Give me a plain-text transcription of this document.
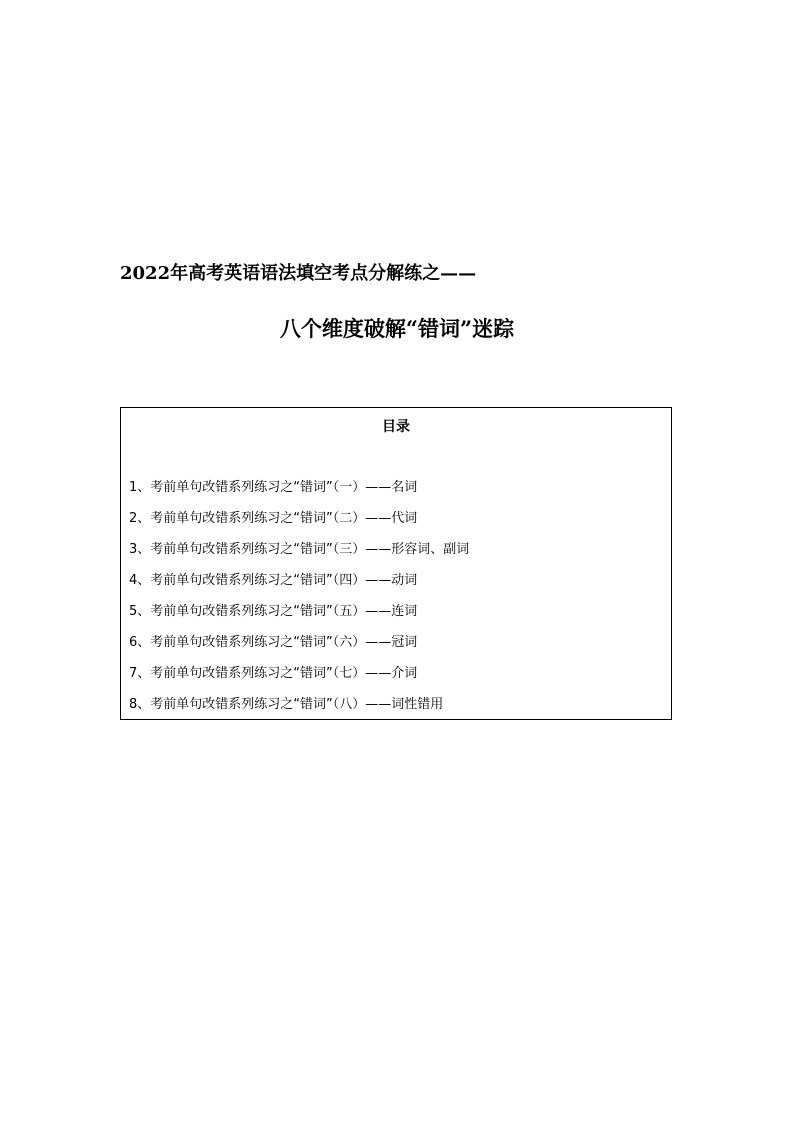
2022年高考英语语法填空考点分解练之——
八个维度破解“错词”迷踪
目录
1、考前单句改错系列练习之“错词”（一）——名词
2、考前单句改错系列练习之“错词”（二）——代词
3、考前单句改错系列练习之“错词”（三）——形容词、副词
4、考前单句改错系列练习之“错词”（四）——动词
5、考前单句改错系列练习之“错词”（五）——连词
6、考前单句改错系列练习之“错词”（六）——冠词
7、考前单句改错系列练习之“错词”（七）——介词
8、考前单句改错系列练习之“错词”（八）——词性错用
